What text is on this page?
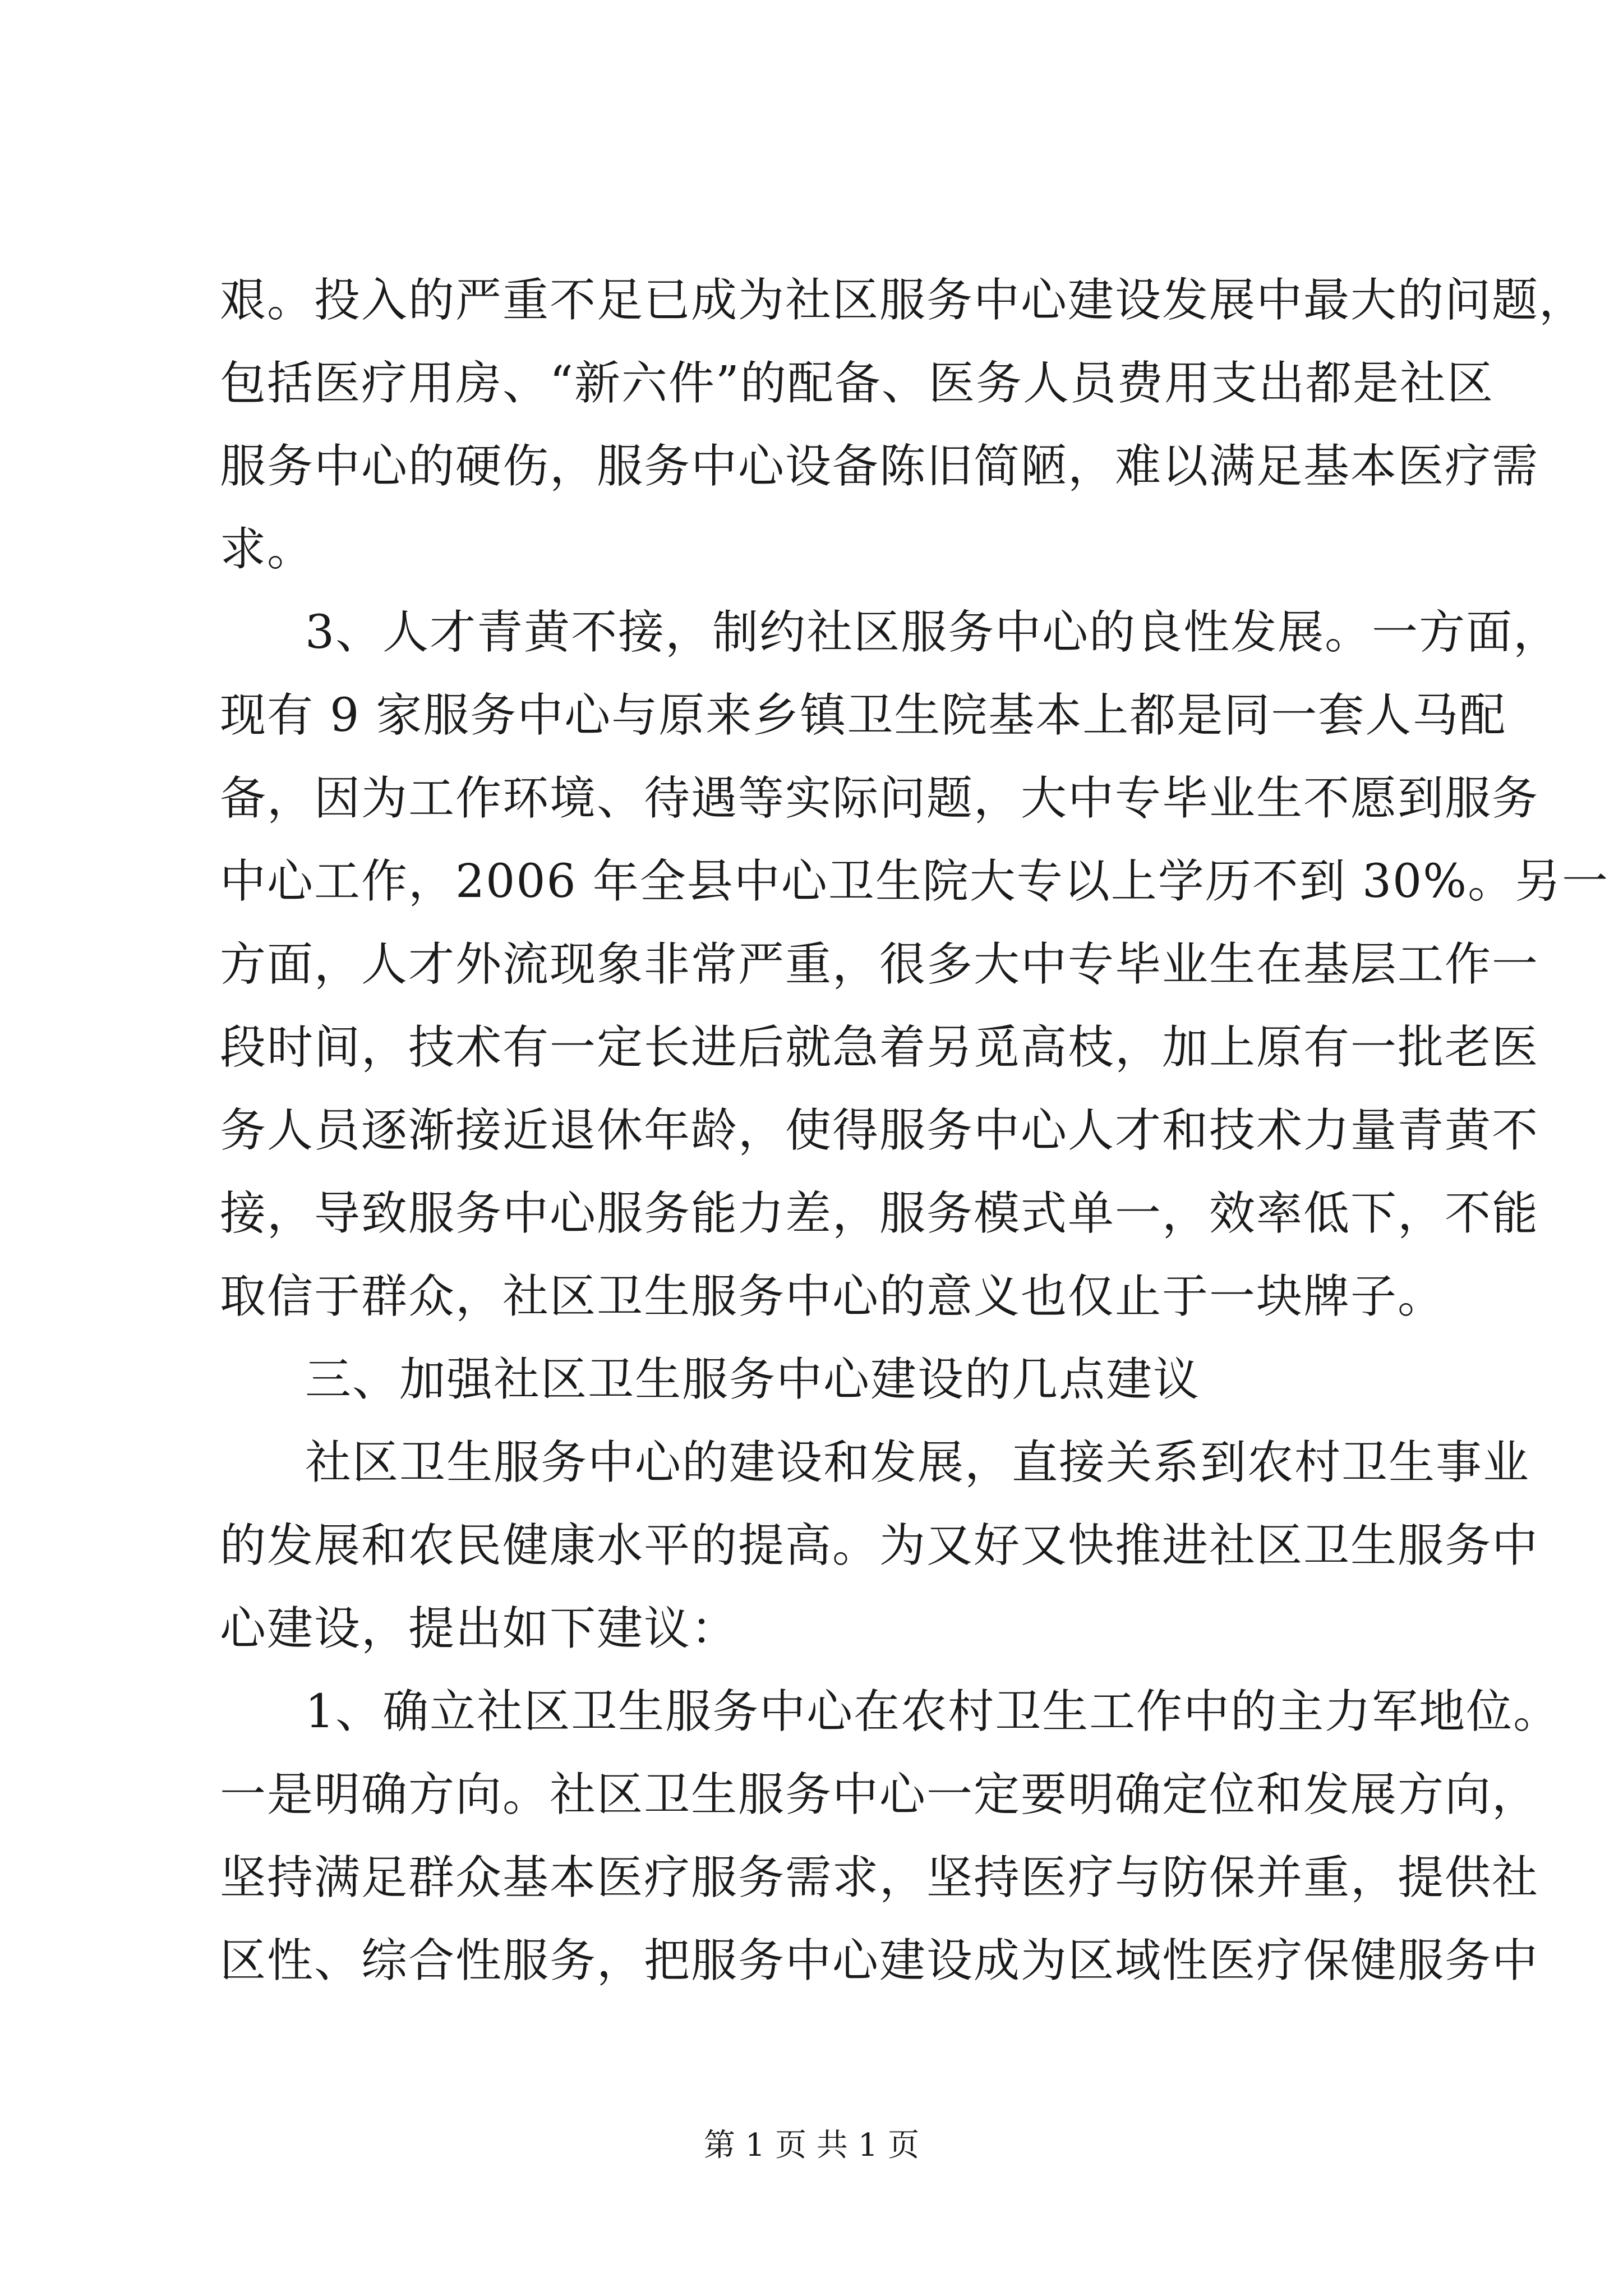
艰。投入的严重不足已成为社区服务中心建设发展中最大的问题，
包括医疗用房、“新六件”的配备、医务人员费用支出都是社区
服务中心的硬伤，服务中心设备陈旧简陋，难以满足基本医疗需
求。
3、人才青黄不接，制约社区服务中心的良性发展。一方面，
现有 9 家服务中心与原来乡镇卫生院基本上都是同一套人马配
备，因为工作环境、待遇等实际问题，大中专毕业生不愿到服务
中心工作，2006 年全县中心卫生院大专以上学历不到 30%。另一
方面，人才外流现象非常严重，很多大中专毕业生在基层工作一
段时间，技术有一定长进后就急着另觅高枝，加上原有一批老医
务人员逐渐接近退休年龄，使得服务中心人才和技术力量青黄不
接，导致服务中心服务能力差，服务模式单一，效率低下，不能
取信于群众，社区卫生服务中心的意义也仅止于一块牌子。
三、加强社区卫生服务中心建设的几点建议
社区卫生服务中心的建设和发展，直接关系到农村卫生事业
的发展和农民健康水平的提高。为又好又快推进社区卫生服务中
心建设，提出如下建议：
1、确立社区卫生服务中心在农村卫生工作中的主力军地位。
一是明确方向。社区卫生服务中心一定要明确定位和发展方向，
坚持满足群众基本医疗服务需求，坚持医疗与防保并重，提供社
区性、综合性服务，把服务中心建设成为区域性医疗保健服务中
第 1 页 共 1 页
